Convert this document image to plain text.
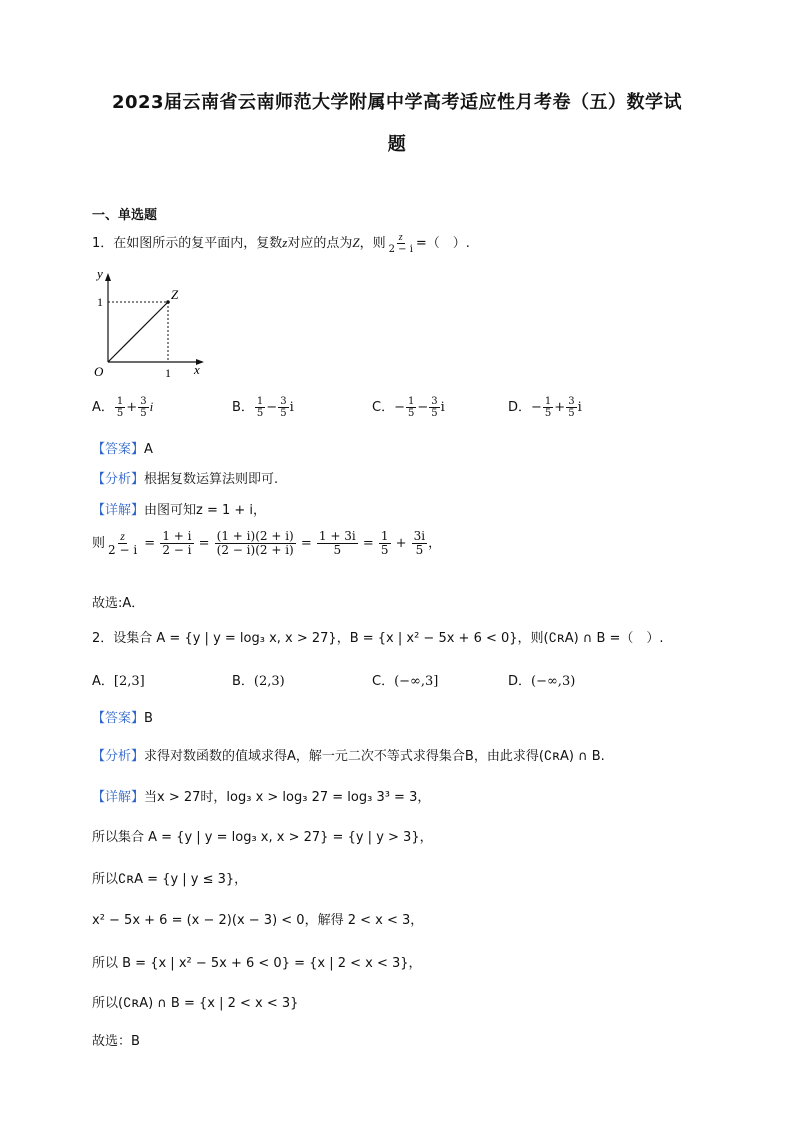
2023届云南省云南师范大学附属中学高考适应性月考卷（五）数学试
题
一、单选题
1．在如图所示的复平面内，复数z对应的点为Z，则 $\frac{z}{2 - i}$ =（　）.
y
x
O
1
1
Z
A． $\frac{1}{5} + \frac{3}{5}$ i	B． $\frac{1}{5} - \frac{3}{5}$ i	C．− $\frac{1}{5} - \frac{3}{5}$ i	D．− $\frac{1}{5} + \frac{3}{5}$ i
【答案】A
【分析】根据复数运算法则即可.
【详解】由图可知z = 1 + i，
则 $\frac{z}{2 - i} = \frac{1 + i}{2 - i} = \frac{(1 + i)(2 + i)}{(2 - i)(2 + i)} = \frac{1 + 3i}{5} = \frac{1}{5} + \frac{3i}{5}$ ，
故选:A．
2．设集合 A = {y | y = log₃ x, x > 27}，B = {x | x² − 5x + 6 < 0}，则(∁ʀA) ∩ B =（　）.
A．[2,3]	B．(2,3)	C．(−∞,3]	D．(−∞,3)
【答案】B
【分析】求得对数函数的值域求得A，解一元二次不等式求得集合B，由此求得(∁ʀA) ∩ B.
【详解】当x > 27时，log₃ x > log₃ 27 = log₃ 3³ = 3，
所以集合 A = {y | y = log₃ x, x > 27} = {y | y > 3}，
所以∁ʀA = {y | y ≤ 3}，
x² − 5x + 6 = (x − 2)(x − 3) < 0，解得 2 < x < 3，
所以 B = {x | x² − 5x + 6 < 0} = {x | 2 < x < 3}，
所以(∁ʀA) ∩ B = {x | 2 < x < 3}
故选：B
